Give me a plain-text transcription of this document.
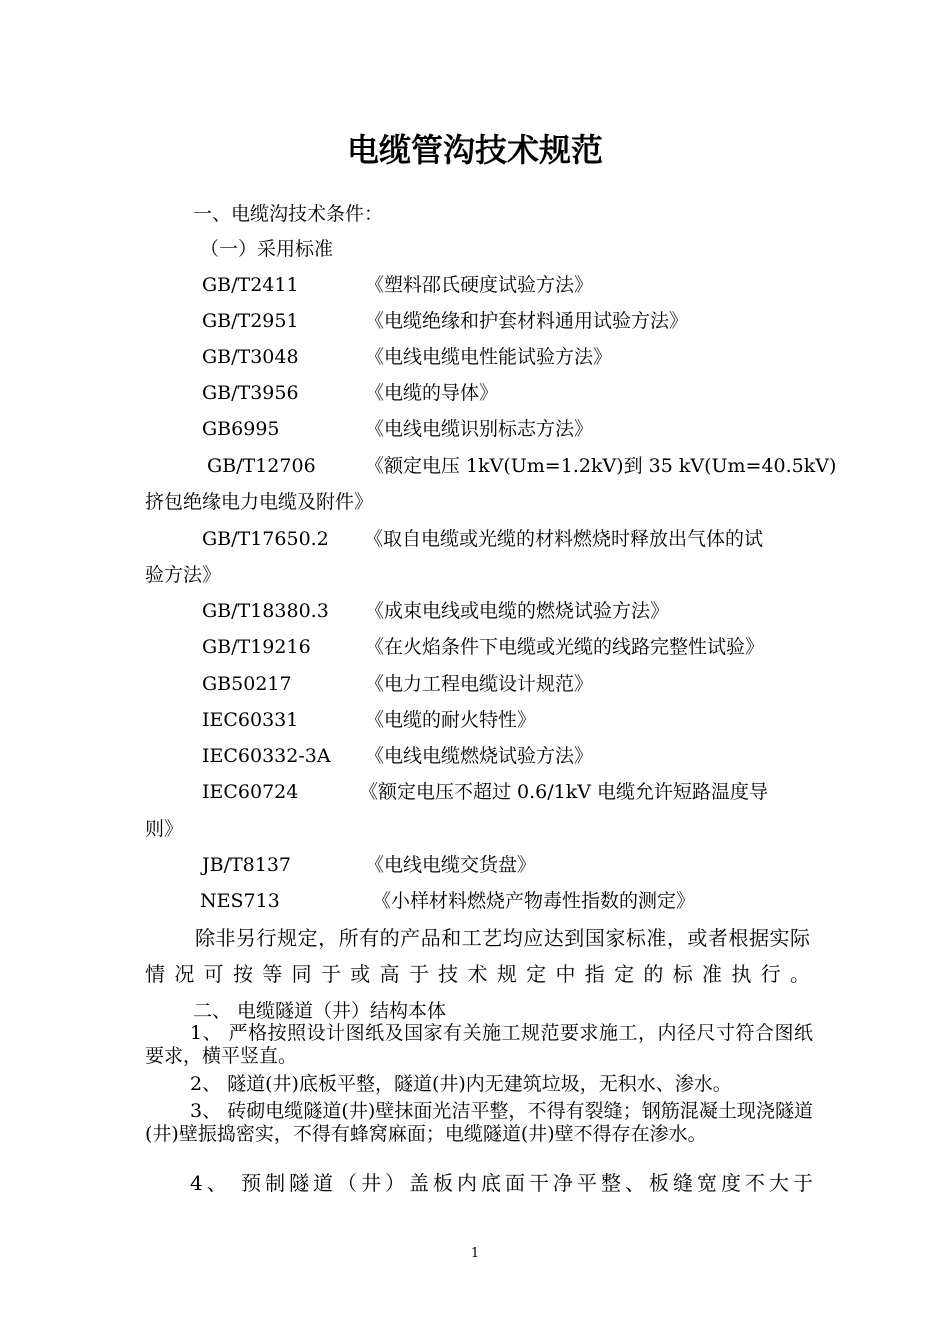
电缆管沟技术规范
一、电缆沟技术条件：
（一）采用标准
GB/T2411	《塑料邵氏硬度试验方法》
GB/T2951	《电缆绝缘和护套材料通用试验方法》
GB/T3048	《电线电缆电性能试验方法》
GB/T3956	《电缆的导体》
GB6995	《电线电缆识别标志方法》
GB/T12706	《额定电压 1kV(Um=1.2kV)到 35 kV(Um=40.5kV)
挤包绝缘电力电缆及附件》
GB/T17650.2 《取自电缆或光缆的材料燃烧时释放出气体的试
验方法》
GB/T18380.3 《成束电线或电缆的燃烧试验方法》
GB/T19216	《在火焰条件下电缆或光缆的线路完整性试验》
GB50217	《电力工程电缆设计规范》
IEC60331	《电缆的耐火特性》
IEC60332-3A 《电线电缆燃烧试验方法》
IEC60724	《额定电压不超过 0.6/1kV 电缆允许短路温度导
则》
JB/T8137	《电线电缆交货盘》
NES713	《小样材料燃烧产物毒性指数的测定》
除非另行规定，所有的产品和工艺均应达到国家标准，或者根据实际情况可按等同于或高于技术规定中指定的标准执行。
二、 电缆隧道（井）结构本体
1、 严格按照设计图纸及国家有关施工规范要求施工，内径尺寸符合图纸要求，横平竖直。
2、 隧道(井)底板平整，隧道(井)内无建筑垃圾，无积水、渗水。
3、 砖砌电缆隧道(井)壁抹面光洁平整，不得有裂缝；钢筋混凝土现浇隧道(井)壁振捣密实，不得有蜂窝麻面；电缆隧道(井)壁不得存在渗水。
4、 预制隧道（井）盖板内底面干净平整、板缝宽度不大于
1
